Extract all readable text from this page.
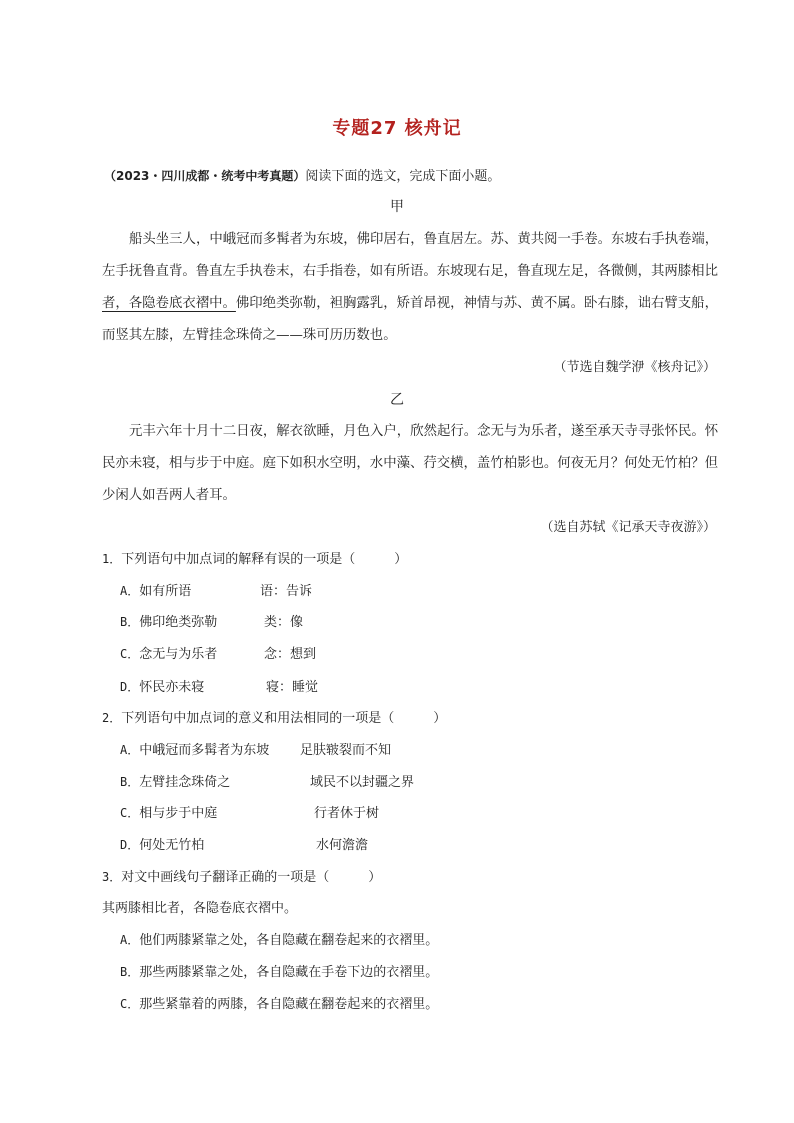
专题27 核舟记
（2023・四川成都・统考中考真题）阅读下面的选文，完成下面小题。
甲
船头坐三人，中峨冠而多髯者为东坡，佛印居右，鲁直居左。苏、黄共阅一手卷。东坡右手执卷端，
左手抚鲁直背。鲁直左手执卷末，右手指卷，如有所语。东坡现右足，鲁直现左足，各微侧，其两膝相比
者，各隐卷底衣褶中。佛印绝类弥勒，袒胸露乳，矫首昂视，神情与苏、黄不属。卧右膝，诎右臂支船，
而竖其左膝，左臂挂念珠倚之——珠可历历数也。
（节选自魏学洢《核舟记》）
乙
元丰六年十月十二日夜，解衣欲睡，月色入户，欣然起行。念无与为乐者，遂至承天寺寻张怀民。怀
民亦未寝，相与步于中庭。庭下如积水空明，水中藻、荇交横，盖竹柏影也。何夜无月？何处无竹柏？但
少闲人如吾两人者耳。
（选自苏轼《记承天寺夜游》）
1．下列语句中加点词的解释有误的一项是（　　　）
A．如有所语	语：告诉
B．佛印绝类弥勒	类：像
C．念无与为乐者	念：想到
D．怀民亦未寝	寝：睡觉
2．下列语句中加点词的意义和用法相同的一项是（　　　）
A．中峨冠而多髯者为东坡 足肤皲裂而不知
B．左臂挂念珠倚之	域民不以封疆之界
C．相与步于中庭	行者休于树
D．何处无竹柏	水何澹澹
3．对文中画线句子翻译正确的一项是（　　　）
其两膝相比者，各隐卷底衣褶中。
A．他们两膝紧靠之处，各自隐藏在翻卷起来的衣褶里。
B．那些两膝紧靠之处，各自隐藏在手卷下边的衣褶里。
C．那些紧靠着的两膝，各自隐藏在翻卷起来的衣褶里。
